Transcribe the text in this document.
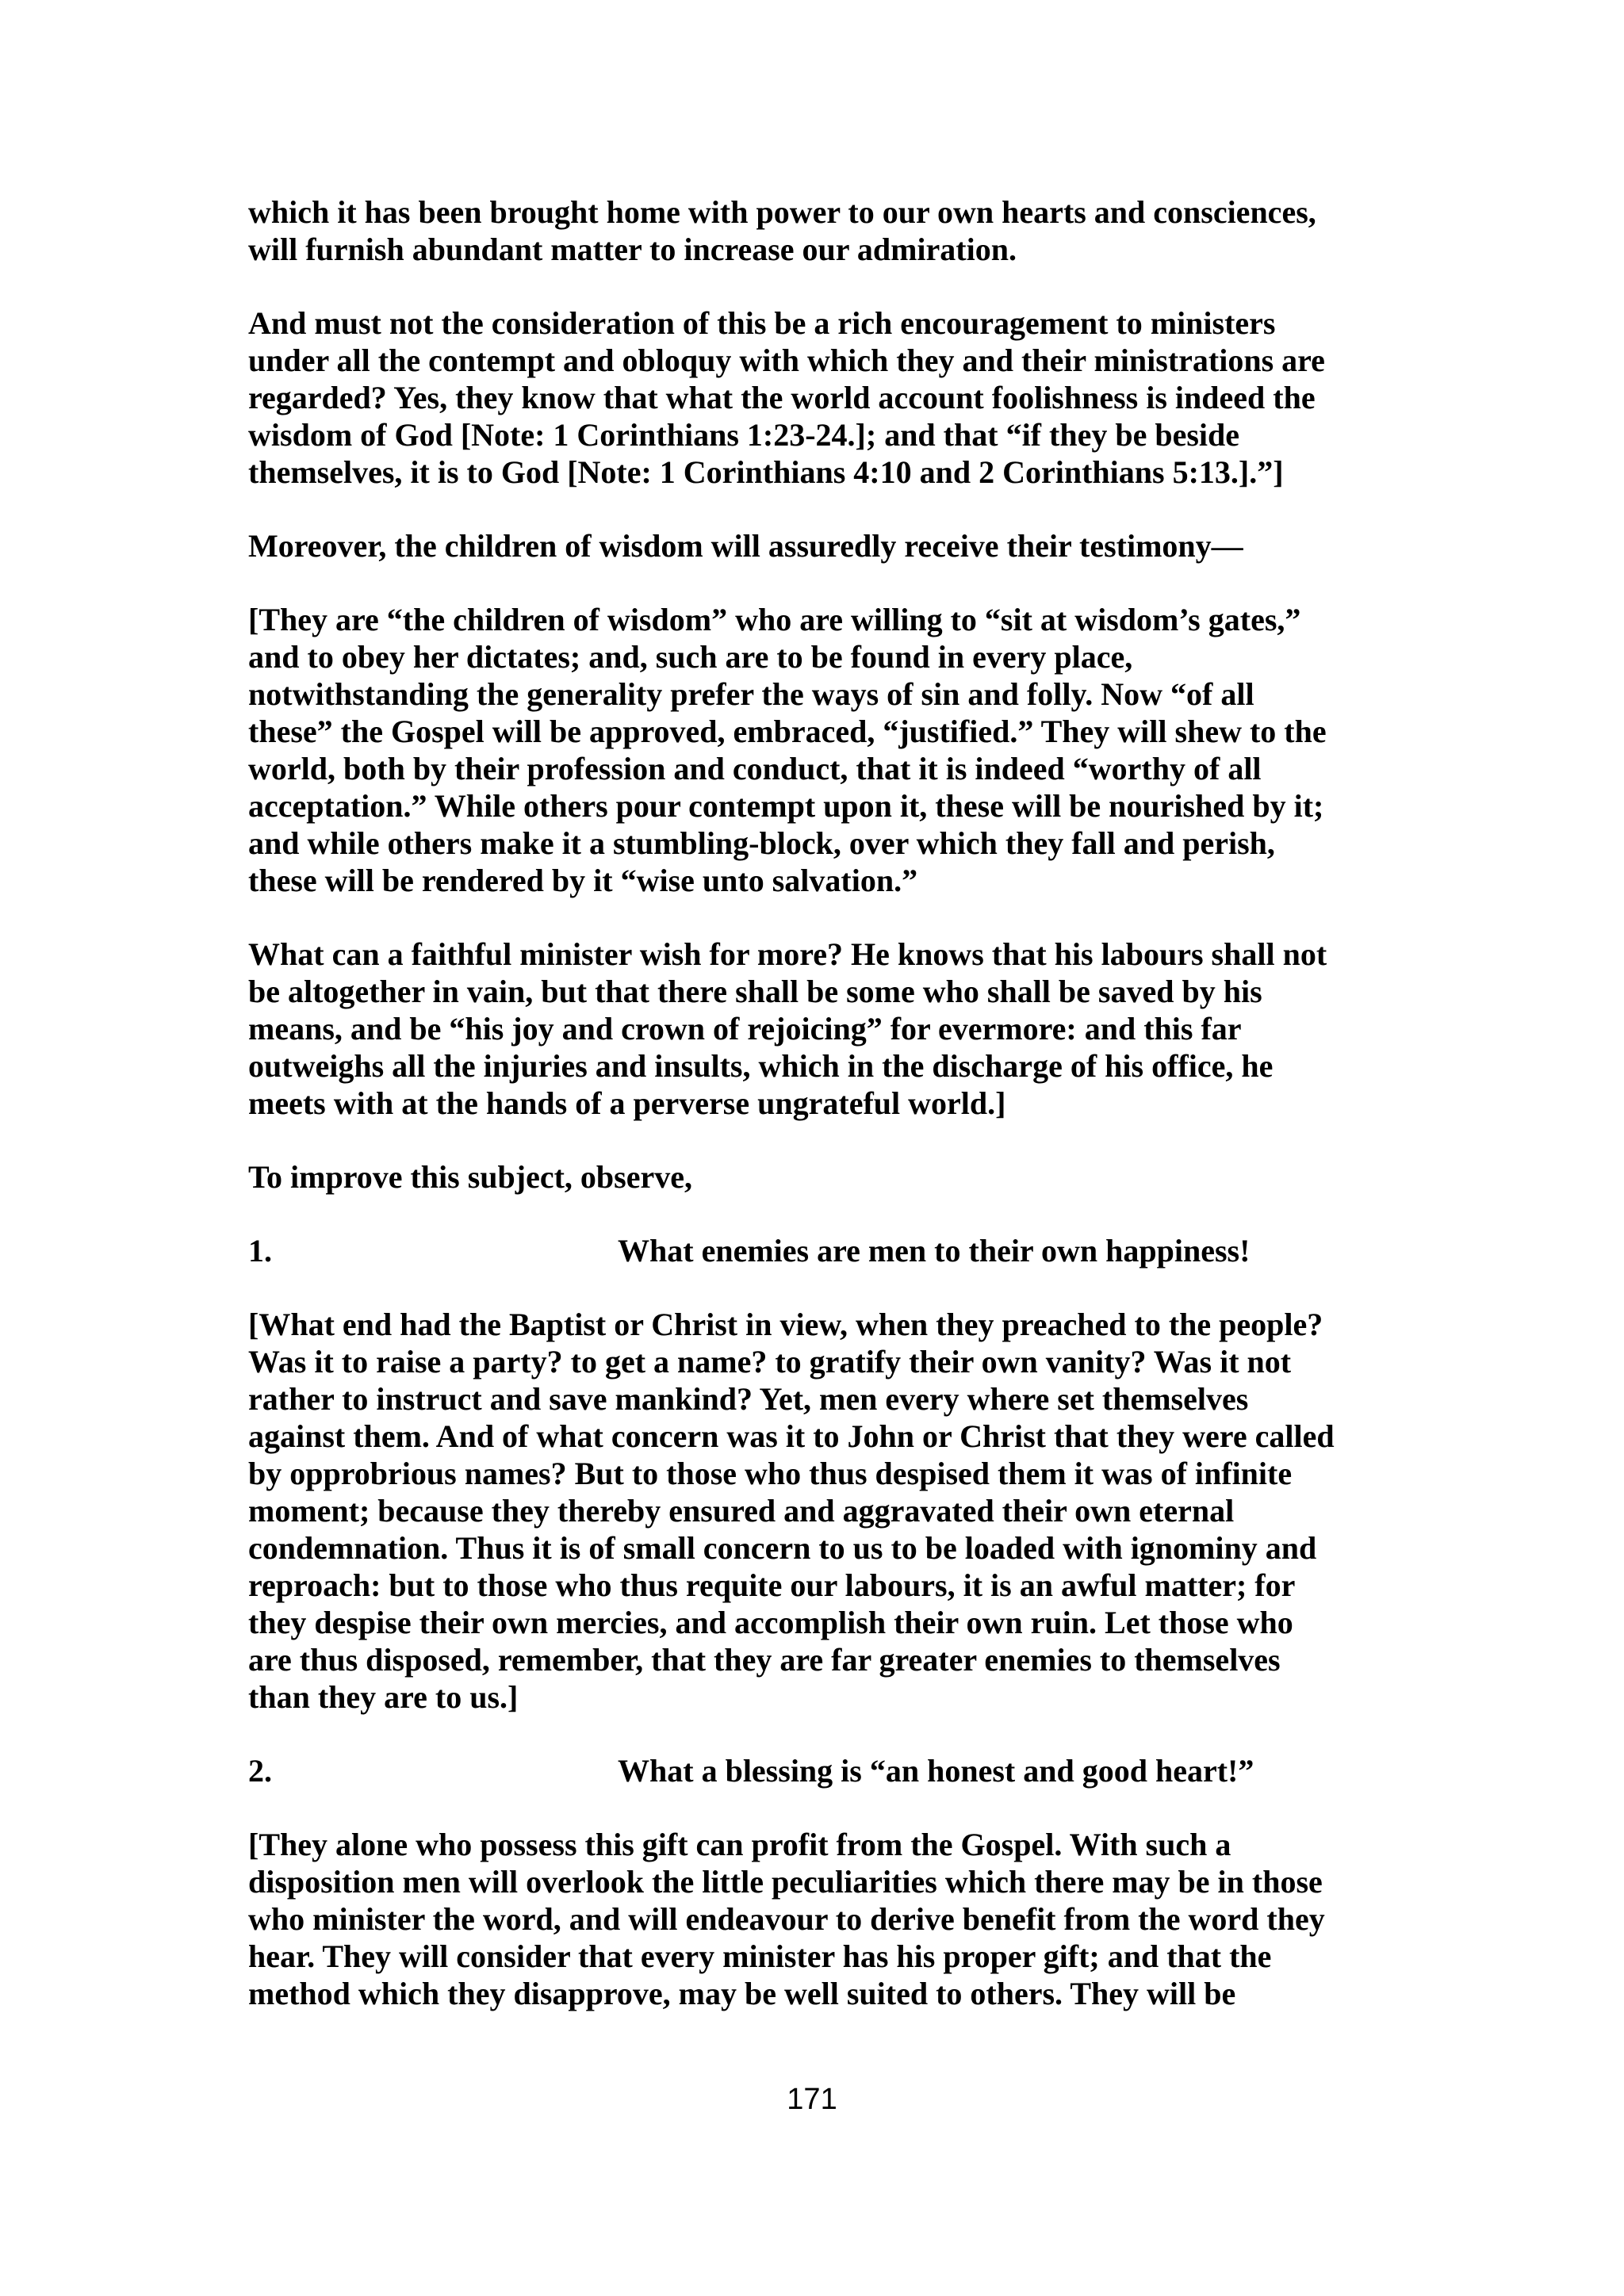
which it has been brought home with power to our own hearts and consciences,
will furnish abundant matter to increase our admiration.

And must not the consideration of this be a rich encouragement to ministers
under all the contempt and obloquy with which they and their ministrations are
regarded? Yes, they know that what the world account foolishness is indeed the
wisdom of God [Note: 1 Corinthians 1:23-24.]; and that “if they be beside
themselves, it is to God [Note: 1 Corinthians 4:10 and 2 Corinthians 5:13.].”]

Moreover, the children of wisdom will assuredly receive their testimony—

[They are “the children of wisdom” who are willing to “sit at wisdom’s gates,”
and to obey her dictates; and, such are to be found in every place,
notwithstanding the generality prefer the ways of sin and folly. Now “of all
these” the Gospel will be approved, embraced, “justified.” They will shew to the
world, both by their profession and conduct, that it is indeed “worthy of all
acceptation.” While others pour contempt upon it, these will be nourished by it;
and while others make it a stumbling-block, over which they fall and perish,
these will be rendered by it “wise unto salvation.”

What can a faithful minister wish for more? He knows that his labours shall not
be altogether in vain, but that there shall be some who shall be saved by his
means, and be “his joy and crown of rejoicing” for evermore: and this far
outweighs all the injuries and insults, which in the discharge of his office, he
meets with at the hands of a perverse ungrateful world.]

To improve this subject, observe,

1.	What enemies are men to their own happiness!

[What end had the Baptist or Christ in view, when they preached to the people?
Was it to raise a party? to get a name? to gratify their own vanity? Was it not
rather to instruct and save mankind? Yet, men every where set themselves
against them. And of what concern was it to John or Christ that they were called
by opprobrious names? But to those who thus despised them it was of infinite
moment; because they thereby ensured and aggravated their own eternal
condemnation. Thus it is of small concern to us to be loaded with ignominy and
reproach: but to those who thus requite our labours, it is an awful matter; for
they despise their own mercies, and accomplish their own ruin. Let those who
are thus disposed, remember, that they are far greater enemies to themselves
than they are to us.]

2.	What a blessing is “an honest and good heart!”

[They alone who possess this gift can profit from the Gospel. With such a
disposition men will overlook the little peculiarities which there may be in those
who minister the word, and will endeavour to derive benefit from the word they
hear. They will consider that every minister has his proper gift; and that the
method which they disapprove, may be well suited to others. They will be

171
